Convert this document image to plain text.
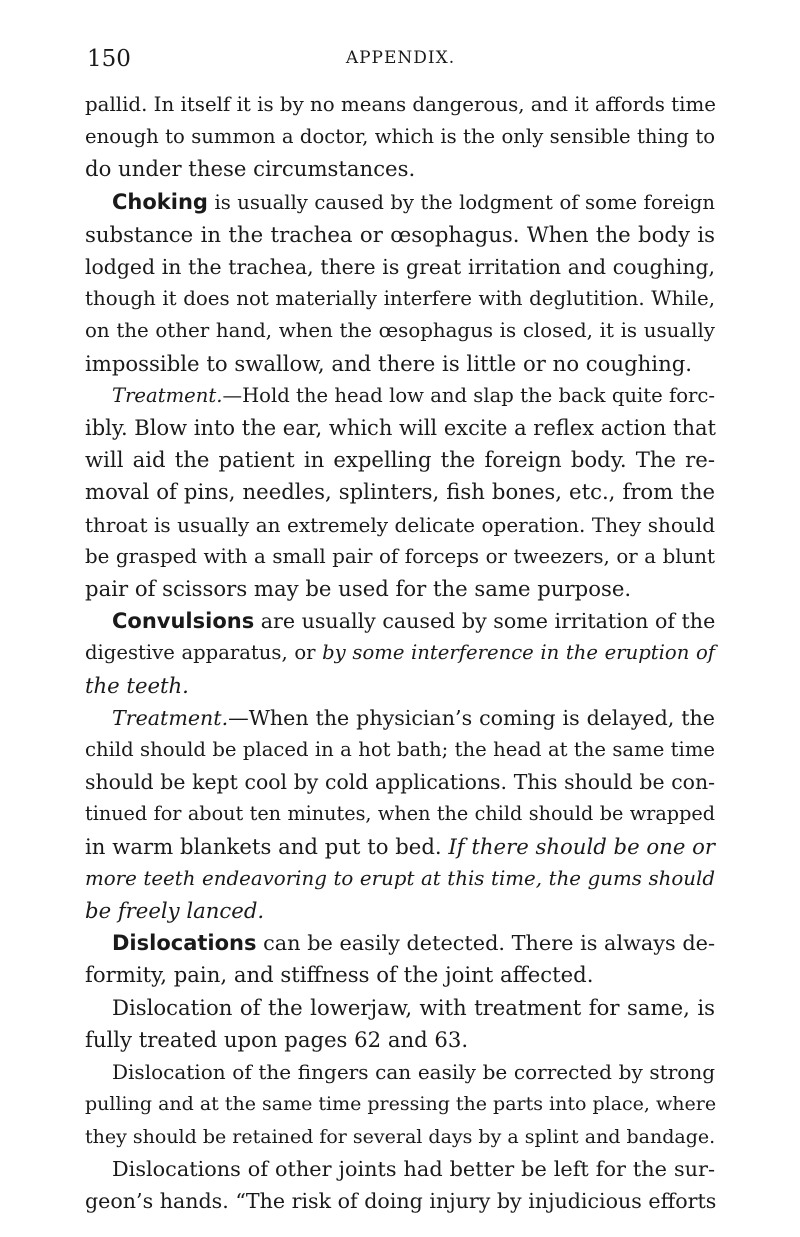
150	APPENDIX.

pallid. In itself it is by no means dangerous, and it affords time

enough to summon a doctor, which is the only sensible thing to

do under these circumstances.

Choking is usually caused by the lodgment of some foreign

substance in the trachea or œsophagus. When the body is

lodged in the trachea, there is great irritation and coughing,

though it does not materially interfere with deglutition. While,

on the other hand, when the œsophagus is closed, it is usually

impossible to swallow, and there is little or no coughing.

Treatment.—Hold the head low and slap the back quite forc-

ibly. Blow into the ear, which will excite a reflex action that

will aid the patient in expelling the foreign body. The re-

moval of pins, needles, splinters, fish bones, etc., from the

throat is usually an extremely delicate operation. They should

be grasped with a small pair of forceps or tweezers, or a blunt

pair of scissors may be used for the same purpose.

Convulsions are usually caused by some irritation of the

digestive apparatus, or by some interference in the eruption of

the teeth.

Treatment.—When the physician’s coming is delayed, the

child should be placed in a hot bath; the head at the same time

should be kept cool by cold applications. This should be con-

tinued for about ten minutes, when the child should be wrapped

in warm blankets and put to bed. If there should be one or

more teeth endeavoring to erupt at this time, the gums should

be freely lanced.

Dislocations can be easily detected. There is always de-

formity, pain, and stiffness of the joint affected.

Dislocation of the lowerjaw, with treatment for same, is

fully treated upon pages 62 and 63.

Dislocation of the fingers can easily be corrected by strong

pulling and at the same time pressing the parts into place, where

they should be retained for several days by a splint and bandage.

Dislocations of other joints had better be left for the sur-

geon’s hands. “The risk of doing injury by injudicious efforts
